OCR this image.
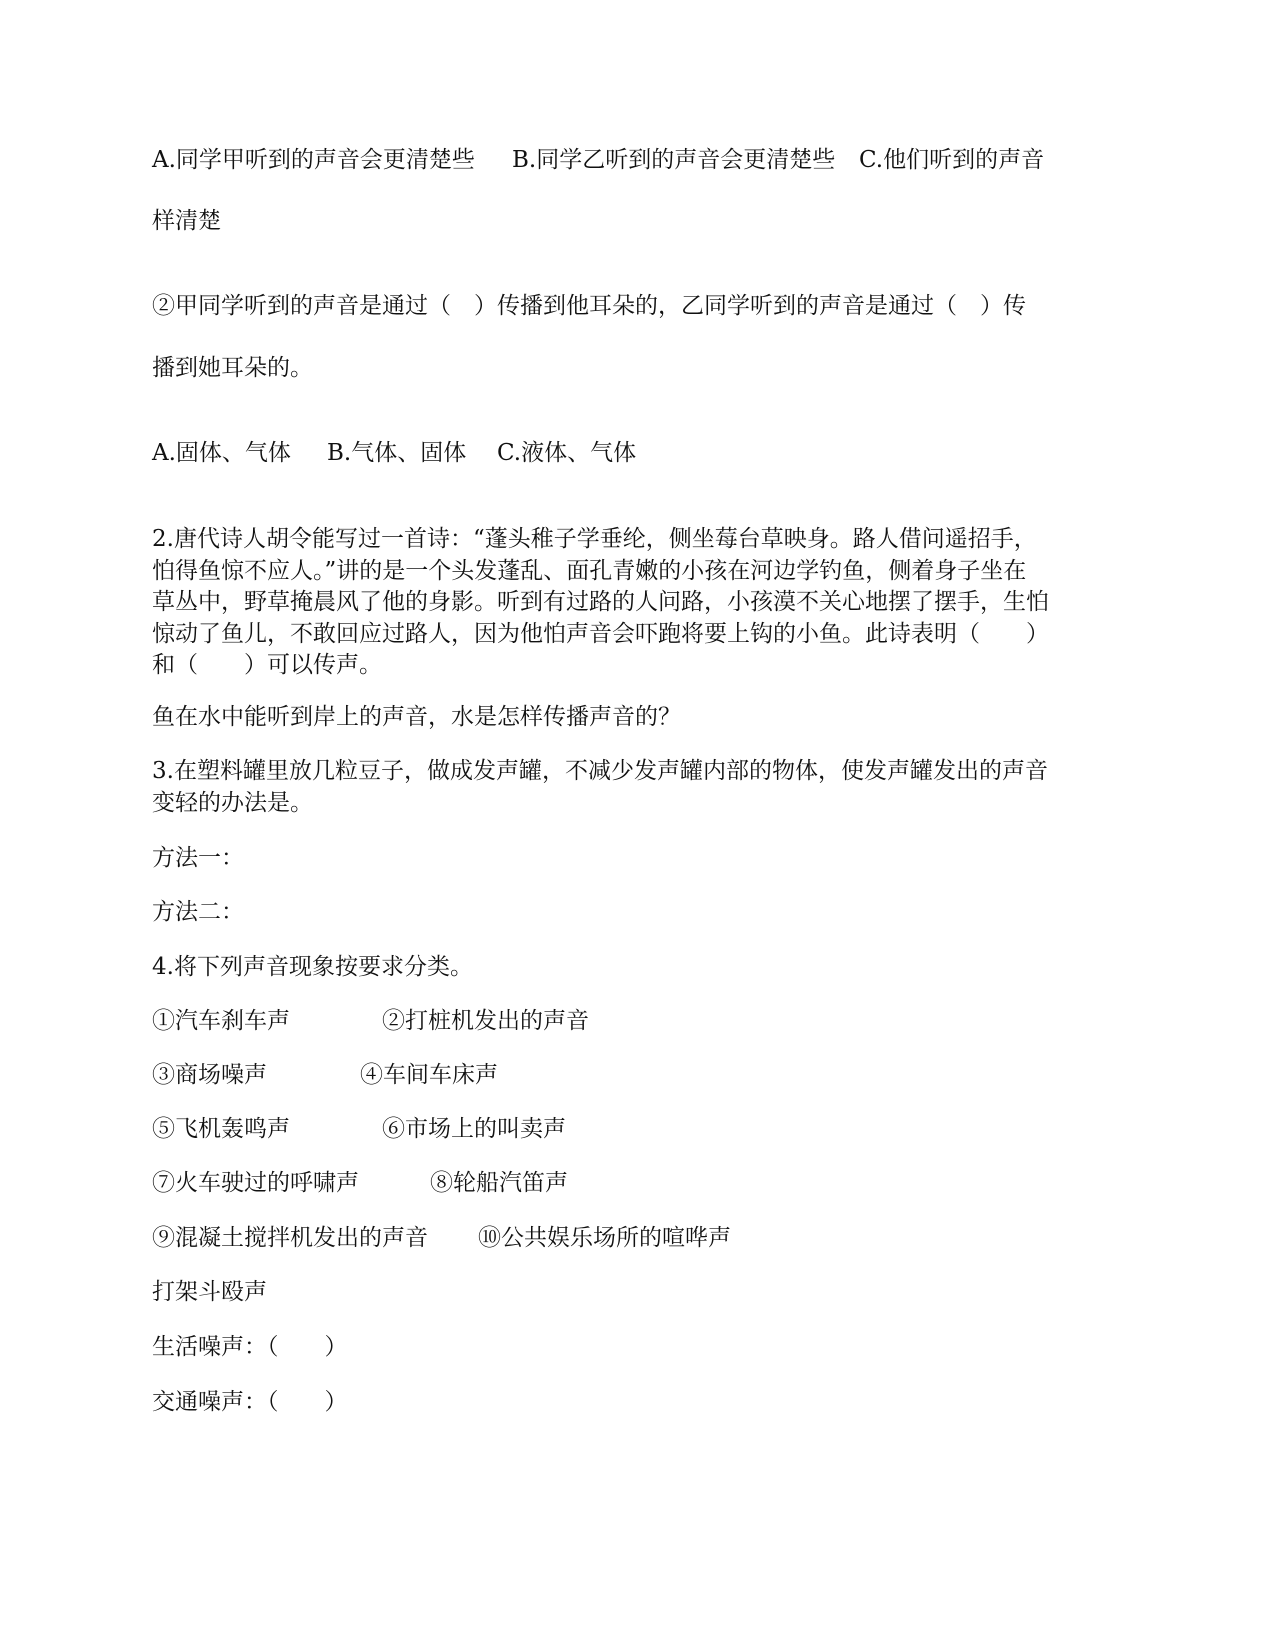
A.同学甲听到的声音会更清楚些 B.同学乙听到的声音会更清楚些 C.他们听到的声音
样清楚
②甲同学听到的声音是通过（　）传播到他耳朵的，乙同学听到的声音是通过（　）传
播到她耳朵的。
A.固体、气体 B.气体、固体 C.液体、气体
2.唐代诗人胡令能写过一首诗：“蓬头稚子学垂纶，侧坐莓台草映身。路人借问遥招手，
怕得鱼惊不应人。”讲的是一个头发蓬乱、面孔青嫩的小孩在河边学钓鱼，侧着身子坐在
草丛中，野草掩晨风了他的身影。听到有过路的人问路，小孩漠不关心地摆了摆手，生怕
惊动了鱼儿，不敢回应过路人，因为他怕声音会吓跑将要上钩的小鱼。此诗表明（　　）
和（　　）可以传声。
鱼在水中能听到岸上的声音，水是怎样传播声音的？
3.在塑料罐里放几粒豆子，做成发声罐，不减少发声罐内部的物体，使发声罐发出的声音
变轻的办法是。
方法一：
方法二：
4.将下列声音现象按要求分类。
①汽车刹车声	②打桩机发出的声音
③商场噪声	④车间车床声
⑤飞机轰鸣声	⑥市场上的叫卖声
⑦火车驶过的呼啸声	⑧轮船汽笛声
⑨混凝土搅拌机发出的声音 ⑩公共娱乐场所的喧哗声
打架斗殴声
生活噪声：（　　）
交通噪声：（　　）
